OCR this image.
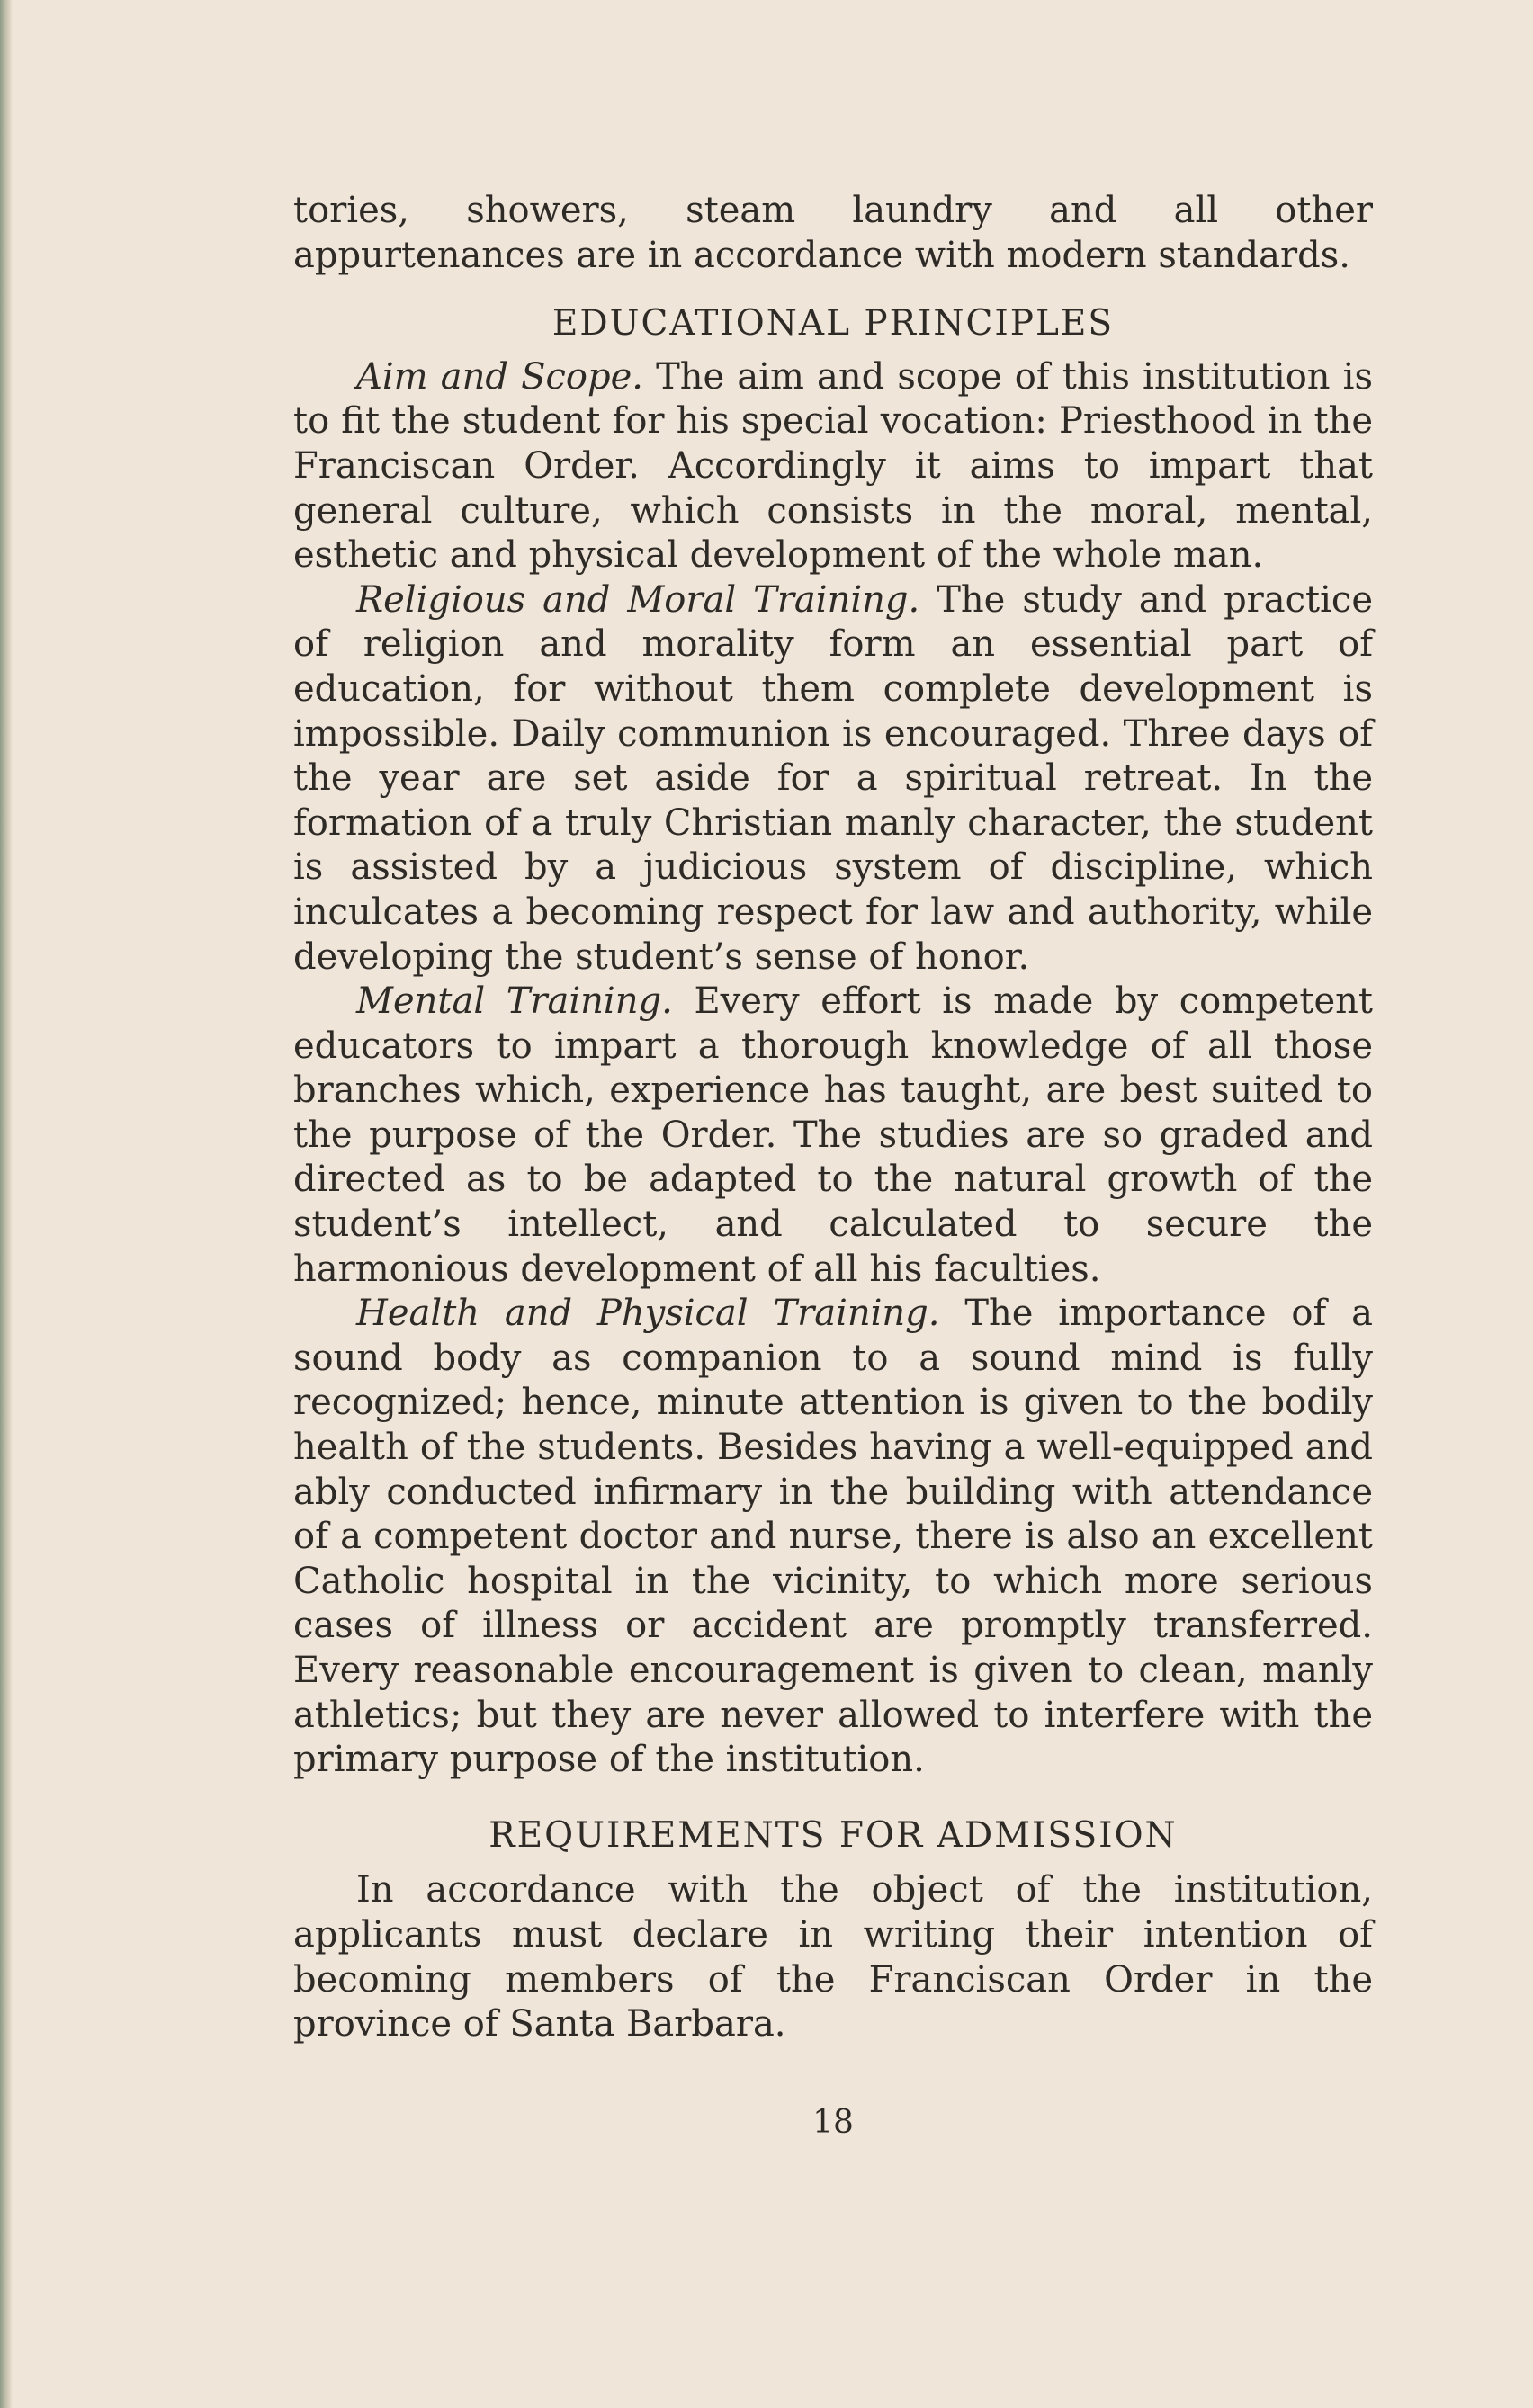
tories, showers, steam laundry and all other appurtenances are in accordance with modern standards.

EDUCATIONAL PRINCIPLES

Aim and Scope. The aim and scope of this institution is to fit the student for his special vocation: Priesthood in the Franciscan Order. Accordingly it aims to impart that general culture, which consists in the moral, mental, esthetic and physical development of the whole man.

Religious and Moral Training. The study and practice of religion and morality form an essential part of education, for without them complete development is impossible. Daily communion is encouraged. Three days of the year are set aside for a spiritual retreat. In the formation of a truly Christian manly character, the student is assisted by a judicious system of discipline, which inculcates a becoming respect for law and authority, while developing the student’s sense of honor.

Mental Training. Every effort is made by competent educators to impart a thorough knowledge of all those branches which, experience has taught, are best suited to the purpose of the Order. The studies are so graded and directed as to be adapted to the natural growth of the student’s intellect, and calculated to secure the harmonious development of all his faculties.

Health and Physical Training. The importance of a sound body as companion to a sound mind is fully recognized; hence, minute attention is given to the bodily health of the students. Besides having a well-equipped and ably conducted infirmary in the building with attendance of a competent doctor and nurse, there is also an excellent Catholic hospital in the vicinity, to which more serious cases of illness or accident are promptly transferred. Every reasonable encouragement is given to clean, manly athletics; but they are never allowed to interfere with the primary purpose of the institution.

REQUIREMENTS FOR ADMISSION

In accordance with the object of the institution, applicants must declare in writing their intention of becoming members of the Franciscan Order in the province of Santa Barbara.

18
